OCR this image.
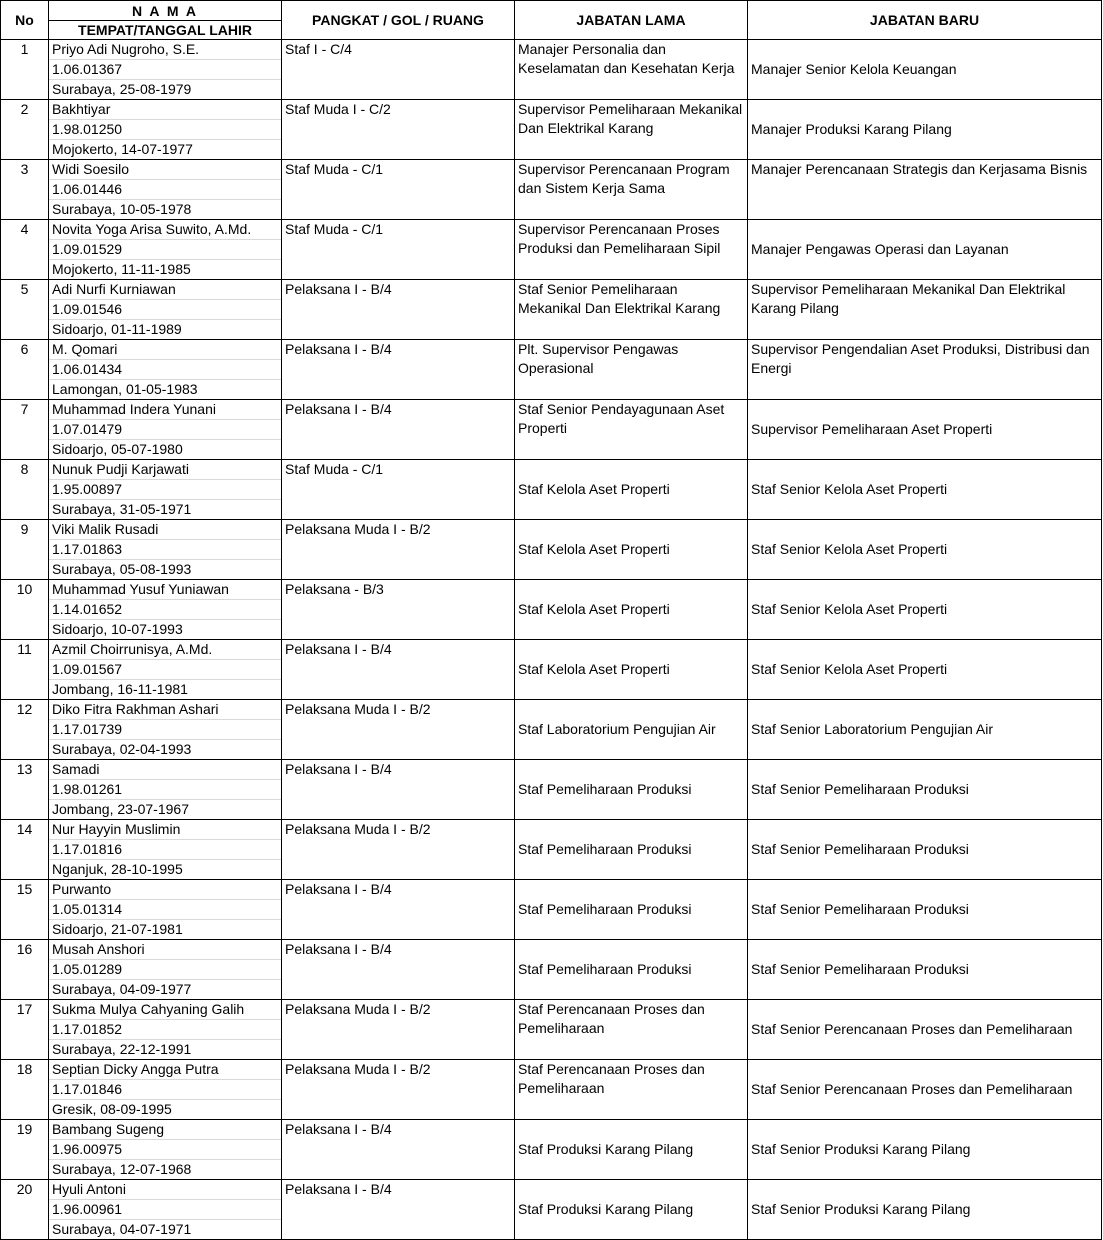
No	N A M A
TEMPAT/TANGGAL LAHIR	PANGKAT / GOL / RUANG	JABATAN LAMA	JABATAN BARU
1	Priyo Adi Nugroho, S.E.
1.06.01367
Surabaya, 25-08-1979	Staf I - C/4	Manajer Personalia dan Keselamatan dan Kesehatan Kerja	Manajer Senior Kelola Keuangan
2	Bakhtiyar
1.98.01250
Mojokerto, 14-07-1977	Staf Muda I - C/2	Supervisor Pemeliharaan Mekanikal Dan Elektrikal Karang	Manajer Produksi Karang Pilang
3	Widi Soesilo
1.06.01446
Surabaya, 10-05-1978	Staf Muda - C/1	Supervisor Perencanaan Program dan Sistem Kerja Sama	Manajer Perencanaan Strategis dan Kerjasama Bisnis
4	Novita Yoga Arisa Suwito, A.Md.
1.09.01529
Mojokerto, 11-11-1985	Staf Muda - C/1	Supervisor Perencanaan Proses Produksi dan Pemeliharaan Sipil	Manajer Pengawas Operasi dan Layanan
5	Adi Nurfi Kurniawan
1.09.01546
Sidoarjo, 01-11-1989	Pelaksana I - B/4	Staf Senior Pemeliharaan Mekanikal Dan Elektrikal Karang	Supervisor Pemeliharaan Mekanikal Dan Elektrikal Karang Pilang
6	M. Qomari
1.06.01434
Lamongan, 01-05-1983	Pelaksana I - B/4	Plt. Supervisor Pengawas Operasional	Supervisor Pengendalian Aset Produksi, Distribusi dan Energi
7	Muhammad Indera Yunani
1.07.01479
Sidoarjo, 05-07-1980	Pelaksana I - B/4	Staf Senior Pendayagunaan Aset Properti	Supervisor Pemeliharaan Aset Properti
8	Nunuk Pudji Karjawati
1.95.00897
Surabaya, 31-05-1971	Staf Muda - C/1	Staf Kelola Aset Properti	Staf Senior Kelola Aset Properti
9	Viki Malik Rusadi
1.17.01863
Surabaya, 05-08-1993	Pelaksana Muda I - B/2	Staf Kelola Aset Properti	Staf Senior Kelola Aset Properti
10	Muhammad Yusuf Yuniawan
1.14.01652
Sidoarjo, 10-07-1993	Pelaksana - B/3	Staf Kelola Aset Properti	Staf Senior Kelola Aset Properti
11	Azmil Choirrunisya, A.Md.
1.09.01567
Jombang, 16-11-1981	Pelaksana I - B/4	Staf Kelola Aset Properti	Staf Senior Kelola Aset Properti
12	Diko Fitra Rakhman Ashari
1.17.01739
Surabaya, 02-04-1993	Pelaksana Muda I - B/2	Staf Laboratorium Pengujian Air	Staf Senior Laboratorium Pengujian Air
13	Samadi
1.98.01261
Jombang, 23-07-1967	Pelaksana I - B/4	Staf Pemeliharaan Produksi	Staf Senior Pemeliharaan Produksi
14	Nur Hayyin Muslimin
1.17.01816
Nganjuk, 28-10-1995	Pelaksana Muda I - B/2	Staf Pemeliharaan Produksi	Staf Senior Pemeliharaan Produksi
15	Purwanto
1.05.01314
Sidoarjo, 21-07-1981	Pelaksana I - B/4	Staf Pemeliharaan Produksi	Staf Senior Pemeliharaan Produksi
16	Musah Anshori
1.05.01289
Surabaya, 04-09-1977	Pelaksana I - B/4	Staf Pemeliharaan Produksi	Staf Senior Pemeliharaan Produksi
17	Sukma Mulya Cahyaning Galih
1.17.01852
Surabaya, 22-12-1991	Pelaksana Muda I - B/2	Staf Perencanaan Proses dan Pemeliharaan	Staf Senior Perencanaan Proses dan Pemeliharaan
18	Septian Dicky Angga Putra
1.17.01846
Gresik, 08-09-1995	Pelaksana Muda I - B/2	Staf Perencanaan Proses dan Pemeliharaan	Staf Senior Perencanaan Proses dan Pemeliharaan
19	Bambang Sugeng
1.96.00975
Surabaya, 12-07-1968	Pelaksana I - B/4	Staf Produksi Karang Pilang	Staf Senior Produksi Karang Pilang
20	Hyuli Antoni
1.96.00961
Surabaya, 04-07-1971	Pelaksana I - B/4	Staf Produksi Karang Pilang	Staf Senior Produksi Karang Pilang
